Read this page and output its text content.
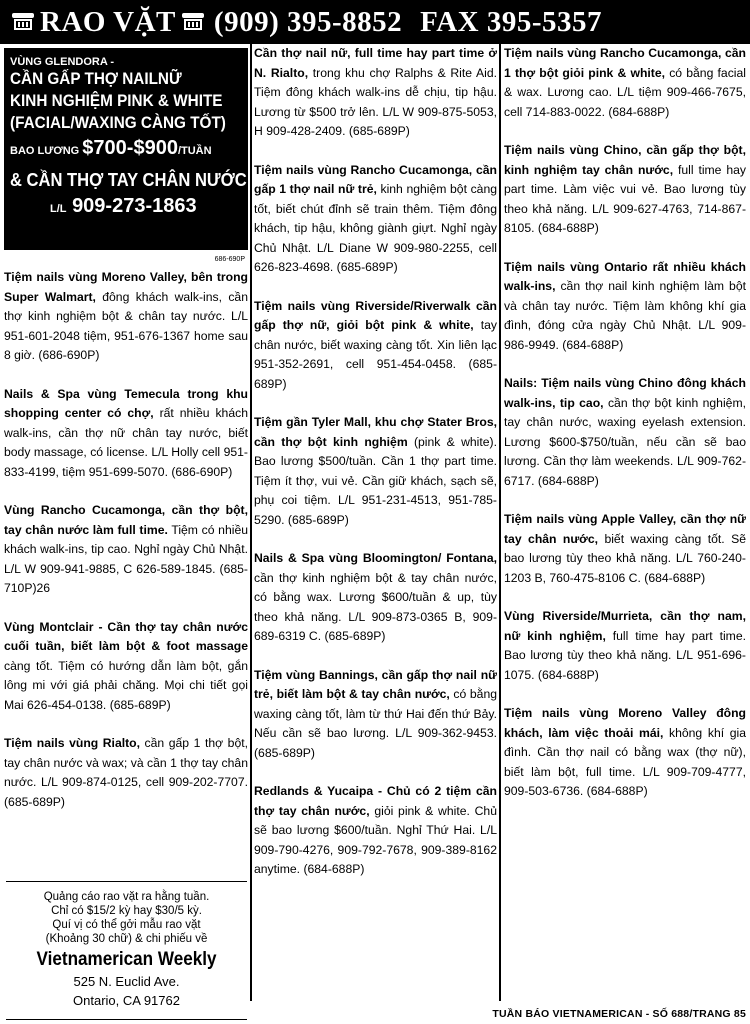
RAO VẶT (909) 395-8852 FAX 395-5357
VÙNG GLENDORA -
CẦN GẤP THỢ NAILNỮ
KINH NGHIỆM PINK & WHITE
(FACIAL/WAXING CÀNG TỐT)
BAO LƯƠNG $700-$900/TUẦN
& CẦN THỢ TAY CHÂN NƯỚC
L/L 909-273-1863
686-690P

Tiệm nails vùng Moreno Valley, bên trong Super Walmart, đông khách walk-ins, cần thợ kinh nghiệm bột & chân tay nước. L/L 951-601-2048 tiệm, 951-676-1367 home sau 8 giờ. (686-690P)

Nails & Spa vùng Temecula trong khu shopping center có chợ, rất nhiều khách walk-ins, cần thợ nữ chân tay nước, biết body massage, có license. L/L Holly cell 951-833-4199, tiệm 951-699-5070. (686-690P)

Vùng Rancho Cucamonga, cần thợ bột, tay chân nước làm full time. Tiệm có nhiều khách walk-ins, tip cao. Nghỉ ngày Chủ Nhật. L/L W 909-941-9885, C 626-589-1845. (685-710P)26

Vùng Montclair - Cần thợ tay chân nước cuối tuần, biết làm bột & foot massage càng tốt. Tiệm có hướng dẫn làm bột, gắn lông mi với giá phải chăng. Mọi chi tiết gọi Mai 626-454-0138. (685-689P)

Tiệm nails vùng Rialto, cần gấp 1 thợ bột, tay chân nước và wax; và cần 1 thợ tay chân nước. L/L 909-874-0125, cell 909-202-7707. (685-689P)

Cần thợ nail nữ, full time hay part time ở N. Rialto, trong khu chợ Ralphs & Rite Aid. Tiệm đông khách walk-ins dễ chịu, tip hậu. Lương từ $500 trở lên. L/L W 909-875-5053, H 909-428-2409. (685-689P)

Tiệm nails vùng Rancho Cucamonga, cần gấp 1 thợ nail nữ trẻ, kinh nghiệm bột càng tốt, biết chút đỉnh sẽ train thêm. Tiệm đông khách, tip hậu, không giành giựt. Nghỉ ngày Chủ Nhật. L/L Diane W 909-980-2255, cell 626-823-4698. (685-689P)

Tiệm nails vùng Riverside/Riverwalk cần gấp thợ nữ, giỏi bột pink & white, tay chân nước, biết waxing càng tốt. Xin liên lạc 951-352-2691, cell 951-454-0458. (685-689P)

Tiệm gần Tyler Mall, khu chợ Stater Bros, cần thợ bột kinh nghiệm (pink & white). Bao lương $500/tuần. Cần 1 thợ part time. Tiệm ít thợ, vui vẻ. Cần giữ khách, sạch sẽ, phụ coi tiệm. L/L 951-231-4513, 951-785-5290. (685-689P)

Nails & Spa vùng Bloomington/ Fontana, cần thợ kinh nghiệm bột & tay chân nước, có bằng wax. Lương $600/tuần & up, tùy theo khả năng. L/L 909-873-0365 B, 909-689-6319 C. (685-689P)

Tiệm vùng Bannings, cần gấp thợ nail nữ trẻ, biết làm bột & tay chân nước, có bằng waxing càng tốt, làm từ thứ Hai đến thứ Bảy. Nếu cần sẽ bao lương. L/L 909-362-9453. (685-689P)

Redlands & Yucaipa - Chủ có 2 tiệm cần thợ tay chân nước, giỏi pink & white. Chủ sẽ bao lương $600/tuần. Nghỉ Thứ Hai. L/L 909-790-4276, 909-792-7678, 909-389-8162 anytime. (684-688P)

Tiệm nails vùng Rancho Cucamonga, cần 1 thợ bột giỏi pink & white, có bằng facial & wax. Lương cao. L/L tiệm 909-466-7675, cell 714-883-0022. (684-688P)

Tiệm nails vùng Chino, cần gấp thợ bột, kinh nghiệm tay chân nước, full time hay part time. Làm việc vui vẻ. Bao lương tùy theo khả năng. L/L 909-627-4763, 714-867-8105. (684-688P)

Tiệm nails vùng Ontario rất nhiều khách walk-ins, cần thợ nail kinh nghiệm làm bột và chân tay nước. Tiệm làm không khí gia đình, đóng cửa ngày Chủ Nhật. L/L 909-986-9949. (684-688P)

Nails: Tiệm nails vùng Chino đông khách walk-ins, tip cao, cần thợ bột kinh nghiệm, tay chân nước, waxing eyelash extension. Lương $600-$750/tuần, nếu cần sẽ bao lương. Cần thợ làm weekends. L/L 909-762-6717. (684-688P)

Tiệm nails vùng Apple Valley, cần thợ nữ tay chân nước, biết waxing càng tốt. Sẽ bao lương tùy theo khả năng. L/L 760-240-1203 B, 760-475-8106 C. (684-688P)

Vùng Riverside/Murrieta, cần thợ nam, nữ kinh nghiệm, full time hay part time. Bao lương tùy theo khả năng. L/L 951-696-1075. (684-688P)

Tiệm nails vùng Moreno Valley đông khách, làm việc thoải mái, không khí gia đình. Cần thợ nail có bằng wax (thợ nữ), biết làm bột, full time. L/L 909-709-4777, 909-503-6736. (684-688P)

Quảng cáo rao vặt ra hằng tuần.
Chỉ có $15/2 kỳ hay $30/5 kỳ.
Quí vị có thể gởi mẫu rao vặt
(Khoảng 30 chữ) & chi phiếu về
Vietnamerican Weekly
525 N. Euclid Ave.
Ontario, CA 91762
TUẦN BÁO VIETNAMERICAN - SỐ 688/TRANG 85
